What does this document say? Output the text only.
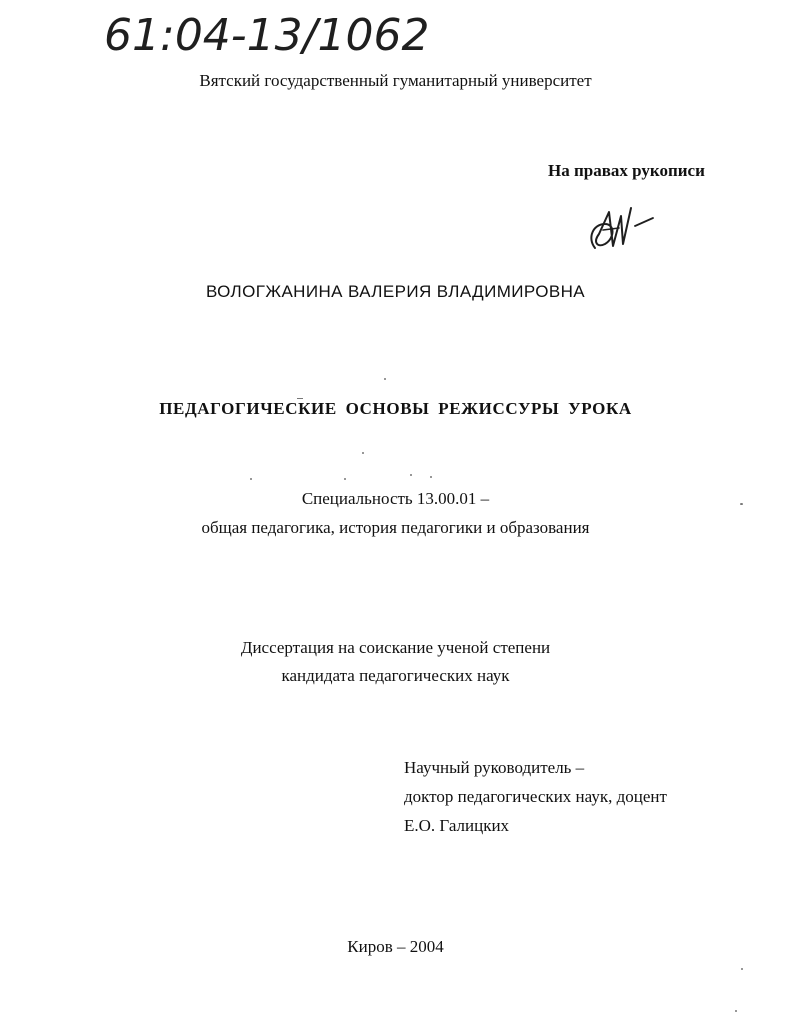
61:04-13/1062
Вятский государственный гуманитарный университет
На правах рукописи
ВОЛОГЖАНИНА ВАЛЕРИЯ ВЛАДИМИРОВНА
ПЕДАГОГИЧЕСКИЕ ОСНОВЫ РЕЖИССУРЫ УРОКА
Специальность 13.00.01 –
общая педагогика, история педагогики и образования
Диссертация на соискание ученой степени
кандидата педагогических наук
Научный руководитель –
доктор педагогических наук, доцент
Е.О. Галицких
Киров – 2004
